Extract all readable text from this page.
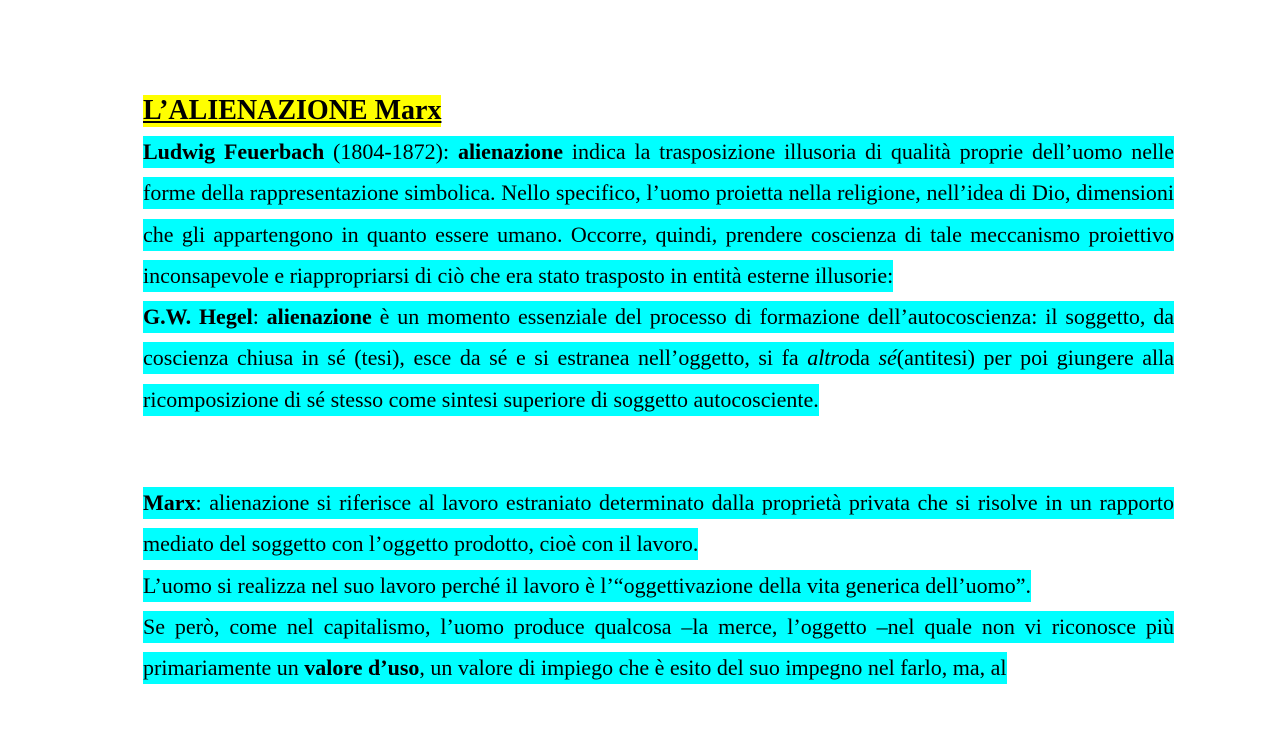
L’ALIENAZIONE Marx

Ludwig Feuerbach (1804-1872): alienazione indica la trasposizione illusoria di qualità proprie dell’uomo nelle forme della rappresentazione simbolica. Nello specifico, l’uomo proietta nella religione, nell’idea di Dio, dimensioni che gli appartengono in quanto essere umano. Occorre, quindi, prendere coscienza di tale meccanismo proiettivo inconsapevole e riappropriarsi di ciò che era stato trasposto in entità esterne illusorie:

G.W. Hegel: alienazione è un momento essenziale del processo di formazione dell’autocoscienza: il soggetto, da coscienza chiusa in sé (tesi), esce da sé e si estranea nell’oggetto, si fa altroda sé(antitesi) per poi giungere alla ricomposizione di sé stesso come sintesi superiore di soggetto autocosciente.

Marx: alienazione si riferisce al lavoro estraniato determinato dalla proprietà privata che si risolve in un rapporto mediato del soggetto con l’oggetto prodotto, cioè con il lavoro.

L’uomo si realizza nel suo lavoro perché il lavoro è l’“oggettivazione della vita generica dell’uomo”.

Se però, come nel capitalismo, l’uomo produce qualcosa –la merce, l’oggetto –nel quale non vi riconosce più primariamente un valore d’uso, un valore di impiego che è esito del suo impegno nel farlo, ma, al
